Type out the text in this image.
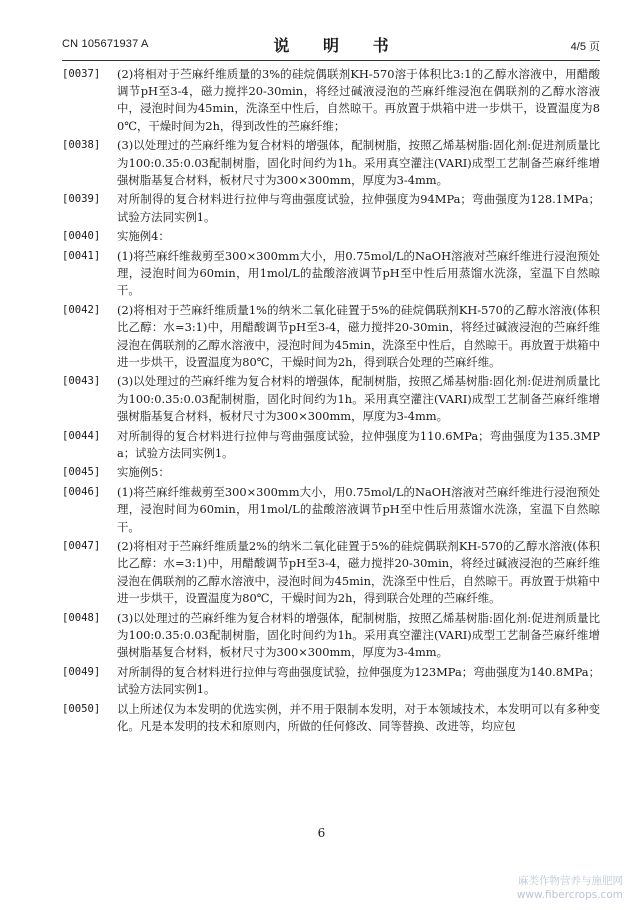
CN 105671937 A	说 明 书	4/5 页
[0037] (2)将相对于苎麻纤维质量的3%的硅烷偶联剂KH-570溶于体积比3:1的乙醇水溶液中，用醋酸调节pH至3-4，磁力搅拌20-30min，将经过碱液浸泡的苎麻纤维浸泡在偶联剂的乙醇水溶液中，浸泡时间为45min，洗涤至中性后，自然晾干。再放置于烘箱中进一步烘干，设置温度为80℃，干燥时间为2h，得到改性的苎麻纤维；
[0038] (3)以处理过的苎麻纤维为复合材料的增强体，配制树脂，按照乙烯基树脂:固化剂:促进剂质量比为100:0.35:0.03配制树脂，固化时间约为1h。采用真空灌注(VARI)成型工艺制备苎麻纤维增强树脂基复合材料，板材尺寸为300×300mm，厚度为3-4mm。
[0039] 对所制得的复合材料进行拉伸与弯曲强度试验，拉伸强度为94MPa；弯曲强度为128.1MPa；试验方法同实例1。
[0040] 实施例4：
[0041] (1)将苎麻纤维裁剪至300×300mm大小，用0.75mol/L的NaOH溶液对苎麻纤维进行浸泡预处理，浸泡时间为60min，用1mol/L的盐酸溶液调节pH至中性后用蒸馏水洗涤，室温下自然晾干。
[0042] (2)将相对于苎麻纤维质量1%的纳米二氧化硅置于5%的硅烷偶联剂KH-570的乙醇水溶液(体积比乙醇：水=3:1)中，用醋酸调节pH至3-4，磁力搅拌20-30min，将经过碱液浸泡的苎麻纤维浸泡在偶联剂的乙醇水溶液中，浸泡时间为45min，洗涤至中性后，自然晾干。再放置于烘箱中进一步烘干，设置温度为80℃，干燥时间为2h，得到联合处理的苎麻纤维。
[0043] (3)以处理过的苎麻纤维为复合材料的增强体，配制树脂，按照乙烯基树脂:固化剂:促进剂质量比为100:0.35:0.03配制树脂，固化时间约为1h。采用真空灌注(VARI)成型工艺制备苎麻纤维增强树脂基复合材料，板材尺寸为300×300mm，厚度为3-4mm。
[0044] 对所制得的复合材料进行拉伸与弯曲强度试验，拉伸强度为110.6MPa；弯曲强度为135.3MPa；试验方法同实例1。
[0045] 实施例5：
[0046] (1)将苎麻纤维裁剪至300×300mm大小，用0.75mol/L的NaOH溶液对苎麻纤维进行浸泡预处理，浸泡时间为60min，用1mol/L的盐酸溶液调节pH至中性后用蒸馏水洗涤，室温下自然晾干。
[0047] (2)将相对于苎麻纤维质量2%的纳米二氧化硅置于5%的硅烷偶联剂KH-570的乙醇水溶液(体积比乙醇：水=3:1)中，用醋酸调节pH至3-4，磁力搅拌20-30min，将经过碱液浸泡的苎麻纤维浸泡在偶联剂的乙醇水溶液中，浸泡时间为45min，洗涤至中性后，自然晾干。再放置于烘箱中进一步烘干，设置温度为80℃，干燥时间为2h，得到联合处理的苎麻纤维。
[0048] (3)以处理过的苎麻纤维为复合材料的增强体，配制树脂，按照乙烯基树脂:固化剂:促进剂质量比为100:0.35:0.03配制树脂，固化时间约为1h。采用真空灌注(VARI)成型工艺制备苎麻纤维增强树脂基复合材料，板材尺寸为300×300mm，厚度为3-4mm。
[0049] 对所制得的复合材料进行拉伸与弯曲强度试验，拉伸强度为123MPa；弯曲强度为140.8MPa；试验方法同实例1。
[0050] 以上所述仅为本发明的优选实例，并不用于限制本发明，对于本领域技术，本发明可以有多种变化。凡是本发明的技术和原则内，所做的任何修改、同等替换、改进等，均应包
6
麻类作物营养与施肥网
www.fibercrops.com
